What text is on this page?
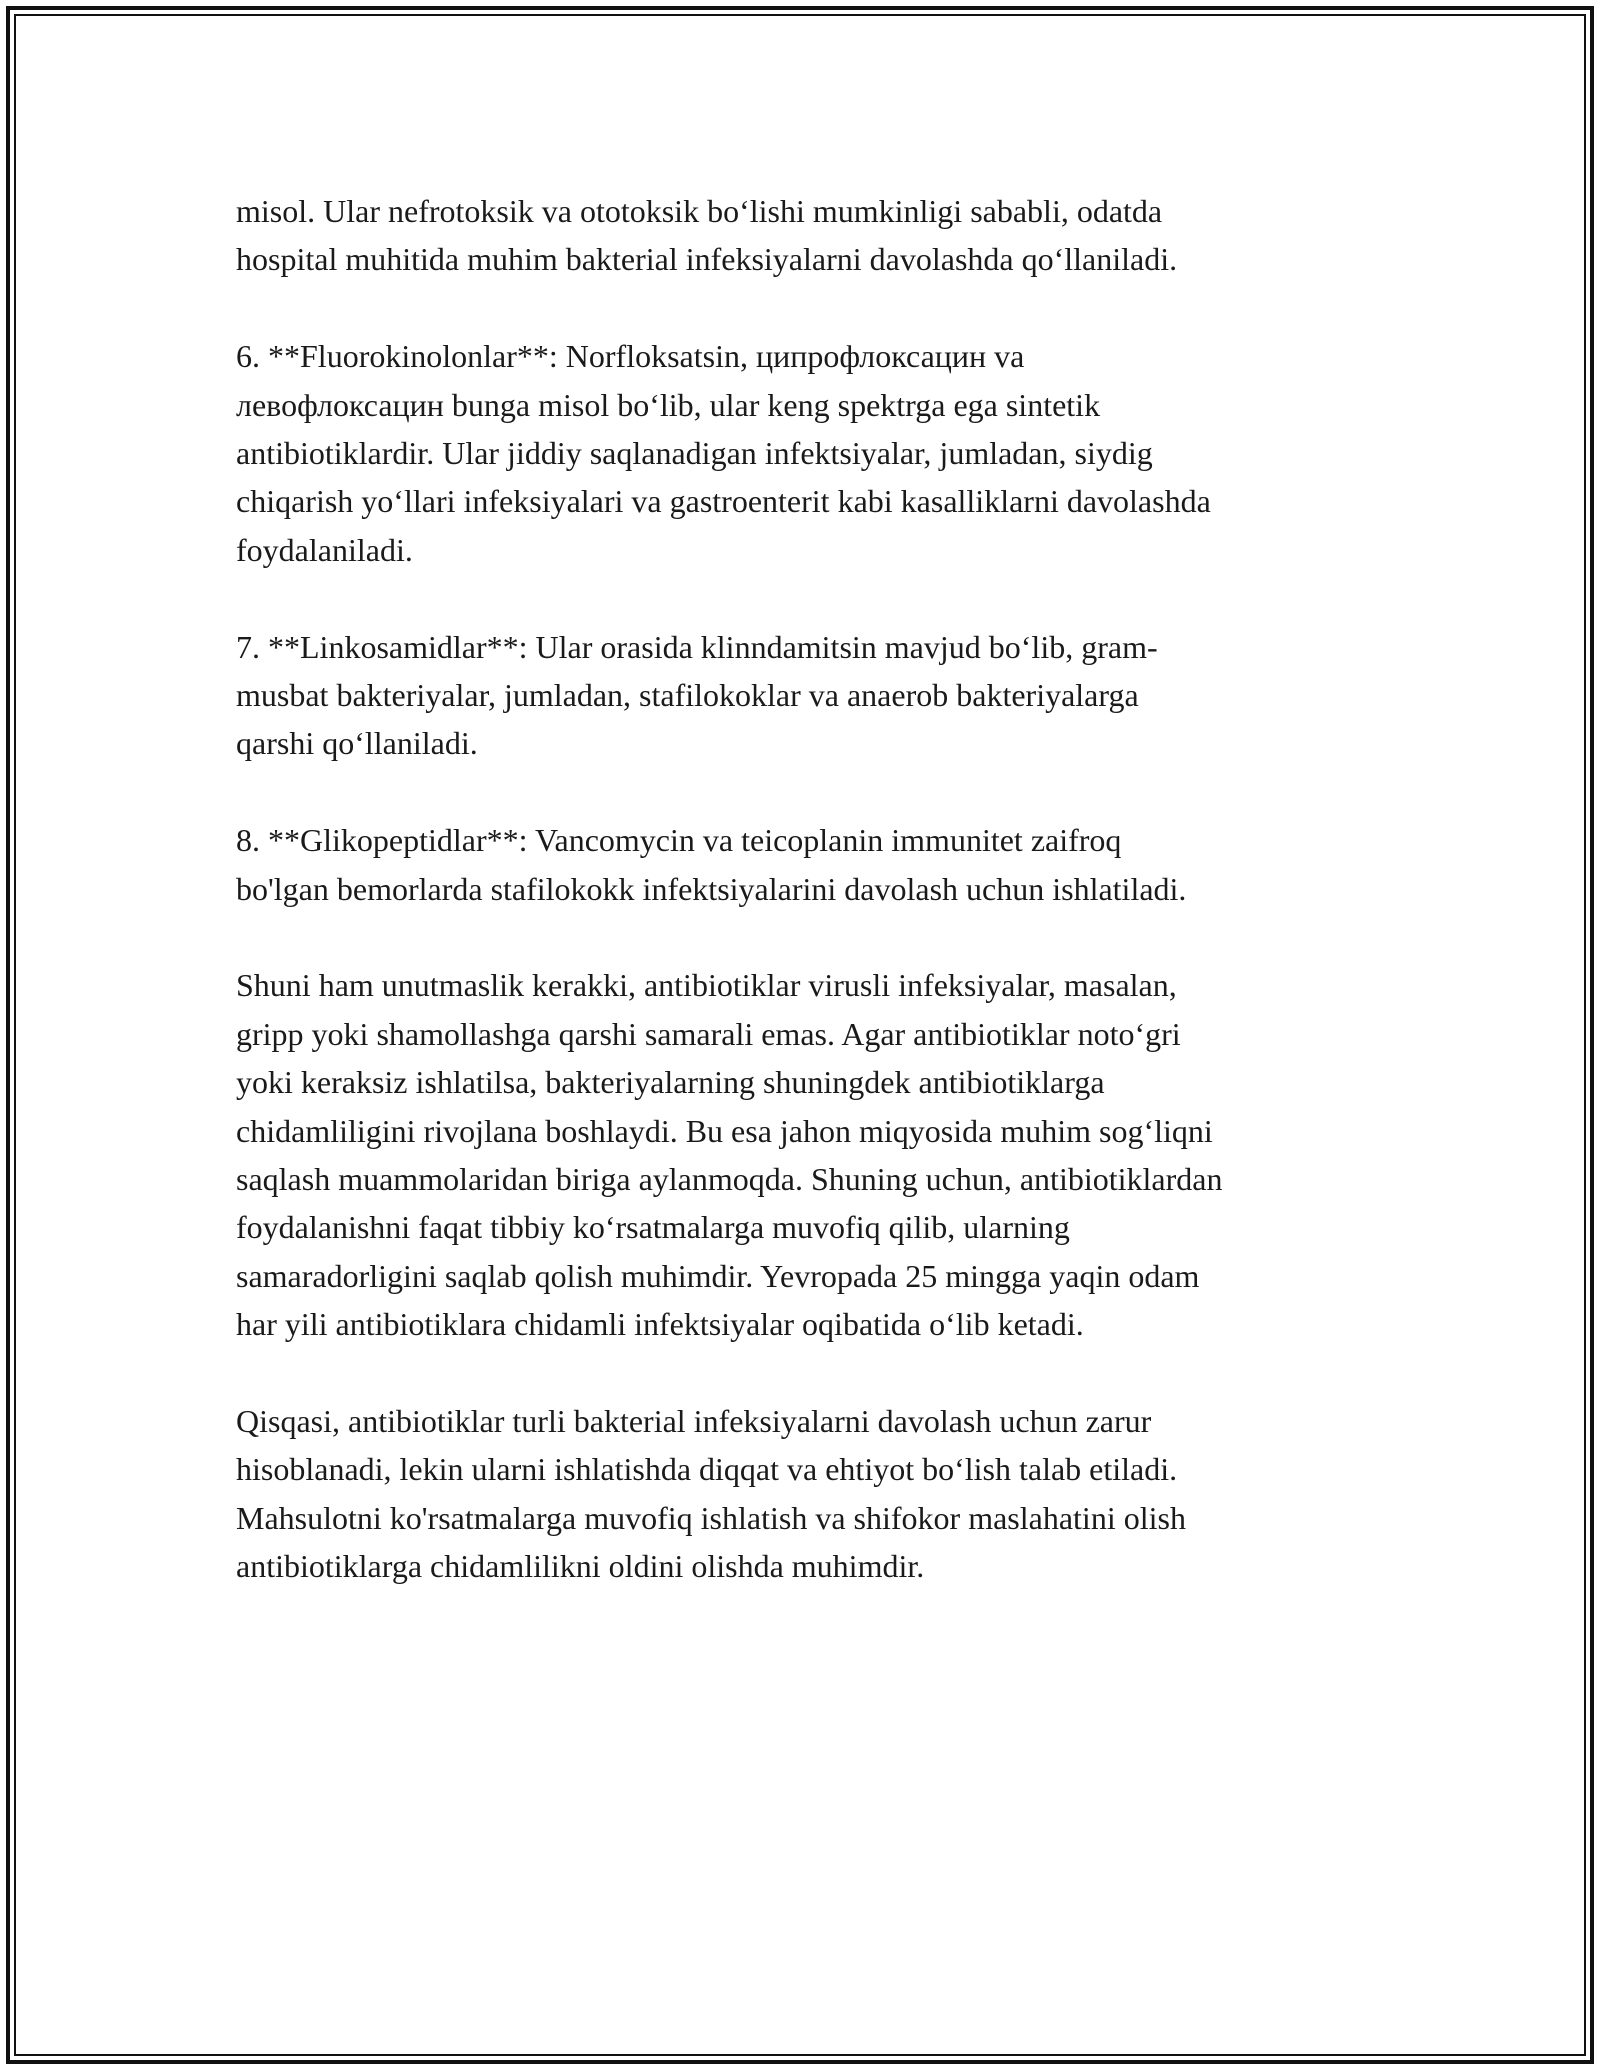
misol. Ular nefrotoksik va ototoksik bo‘lishi mumkinligi sababli, odatda
hospital muhitida muhim bakterial infeksiyalarni davolashda qo‘llaniladi.
6. **Fluorokinolonlar**: Norfloksatsin, ципрофлоксацин va
левофлоксацин bunga misol bo‘lib, ular keng spektrga ega sintetik
antibiotiklardir. Ular jiddiy saqlanadigan infektsiyalar, jumladan, siydig
chiqarish yo‘llari infeksiyalari va gastroenterit kabi kasalliklarni davolashda
foydalaniladi.
7. **Linkosamidlar**: Ular orasida klinndamitsin mavjud bo‘lib, gram-
musbat bakteriyalar, jumladan, stafilokoklar va anaerob bakteriyalarga
qarshi qo‘llaniladi.
8. **Glikopeptidlar**: Vancomycin va teicoplanin immunitet zaifroq
bo'lgan bemorlarda stafilokokk infektsiyalarini davolash uchun ishlatiladi.
Shuni ham unutmaslik kerakki, antibiotiklar virusli infeksiyalar, masalan,
gripp yoki shamollashga qarshi samarali emas. Agar antibiotiklar noto‘gri
yoki keraksiz ishlatilsa, bakteriyalarning shuningdek antibiotiklarga
chidamliligini rivojlana boshlaydi. Bu esa jahon miqyosida muhim sog‘liqni
saqlash muammolaridan biriga aylanmoqda. Shuning uchun, antibiotiklardan
foydalanishni faqat tibbiy ko‘rsatmalarga muvofiq qilib, ularning
samaradorligini saqlab qolish muhimdir. Yevropada 25 mingga yaqin odam
har yili antibiotiklara chidamli infektsiyalar oqibatida o‘lib ketadi.
Qisqasi, antibiotiklar turli bakterial infeksiyalarni davolash uchun zarur
hisoblanadi, lekin ularni ishlatishda diqqat va ehtiyot bo‘lish talab etiladi.
Mahsulotni ko'rsatmalarga muvofiq ishlatish va shifokor maslahatini olish
antibiotiklarga chidamlilikni oldini olishda muhimdir.
